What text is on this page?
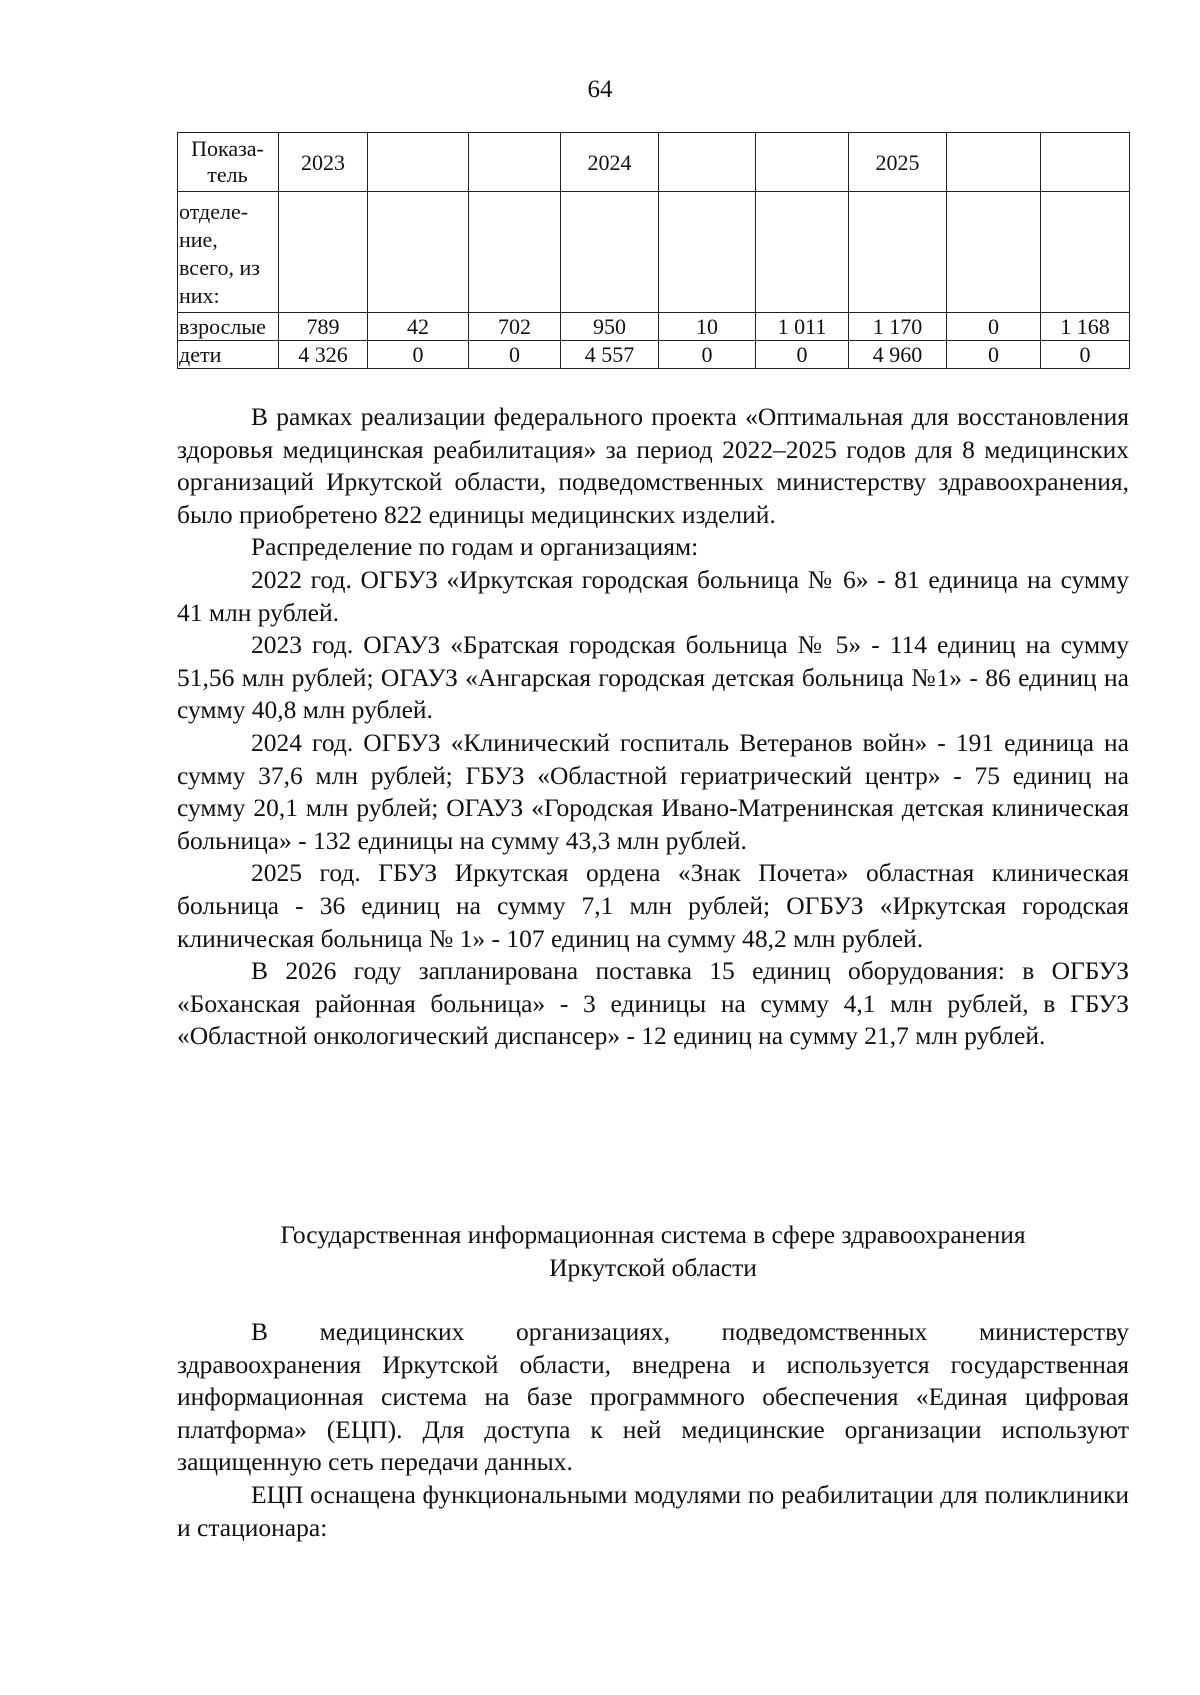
64
Показа-тель	2023			2024			2025		
отделе-ние, всего, из них:									
взрослые	789	42	702	950	10	1 011	1 170	0	1 168
дети	4 326	0	0	4 557	0	0	4 960	0	0

В рамках реализации федерального проекта «Оптимальная для восстановления здоровья медицинская реабилитация» за период 2022–2025 годов для 8 медицинских организаций Иркутской области, подведомственных министерству здравоохранения, было приобретено 822 единицы медицинских изделий.

Распределение по годам и организациям:

2022 год. ОГБУЗ «Иркутская городская больница № 6» - 81 единица на сумму 41 млн рублей.

2023 год. ОГАУЗ «Братская городская больница № 5» - 114 единиц на сумму 51,56 млн рублей; ОГАУЗ «Ангарская городская детская больница №1» - 86 единиц на сумму 40,8 млн рублей.

2024 год. ОГБУЗ «Клинический госпиталь Ветеранов войн» - 191 единица на сумму 37,6 млн рублей; ГБУЗ «Областной гериатрический центр» - 75 единиц на сумму 20,1 млн рублей; ОГАУЗ «Городская Ивано-Матренинская детская клиническая больница» - 132 единицы на сумму 43,3 млн рублей.

2025 год. ГБУЗ Иркутская ордена «Знак Почета» областная клиническая больница - 36 единиц на сумму 7,1 млн рублей; ОГБУЗ «Иркутская городская клиническая больница № 1» - 107 единиц на сумму 48,2 млн рублей.

В 2026 году запланирована поставка 15 единиц оборудования: в ОГБУЗ «Боханская районная больница» - 3 единицы на сумму 4,1 млн рублей, в ГБУЗ «Областной онкологический диспансер» - 12 единиц на сумму 21,7 млн рублей.

Государственная информационная система в сфере здравоохранения
Иркутской области

В медицинских организациях, подведомственных министерству здравоохранения Иркутской области, внедрена и используется государственная информационная система на базе программного обеспечения «Единая цифровая платформа» (ЕЦП). Для доступа к ней медицинские организации используют защищенную сеть передачи данных.

ЕЦП оснащена функциональными модулями по реабилитации для поликлиники и стационара:
